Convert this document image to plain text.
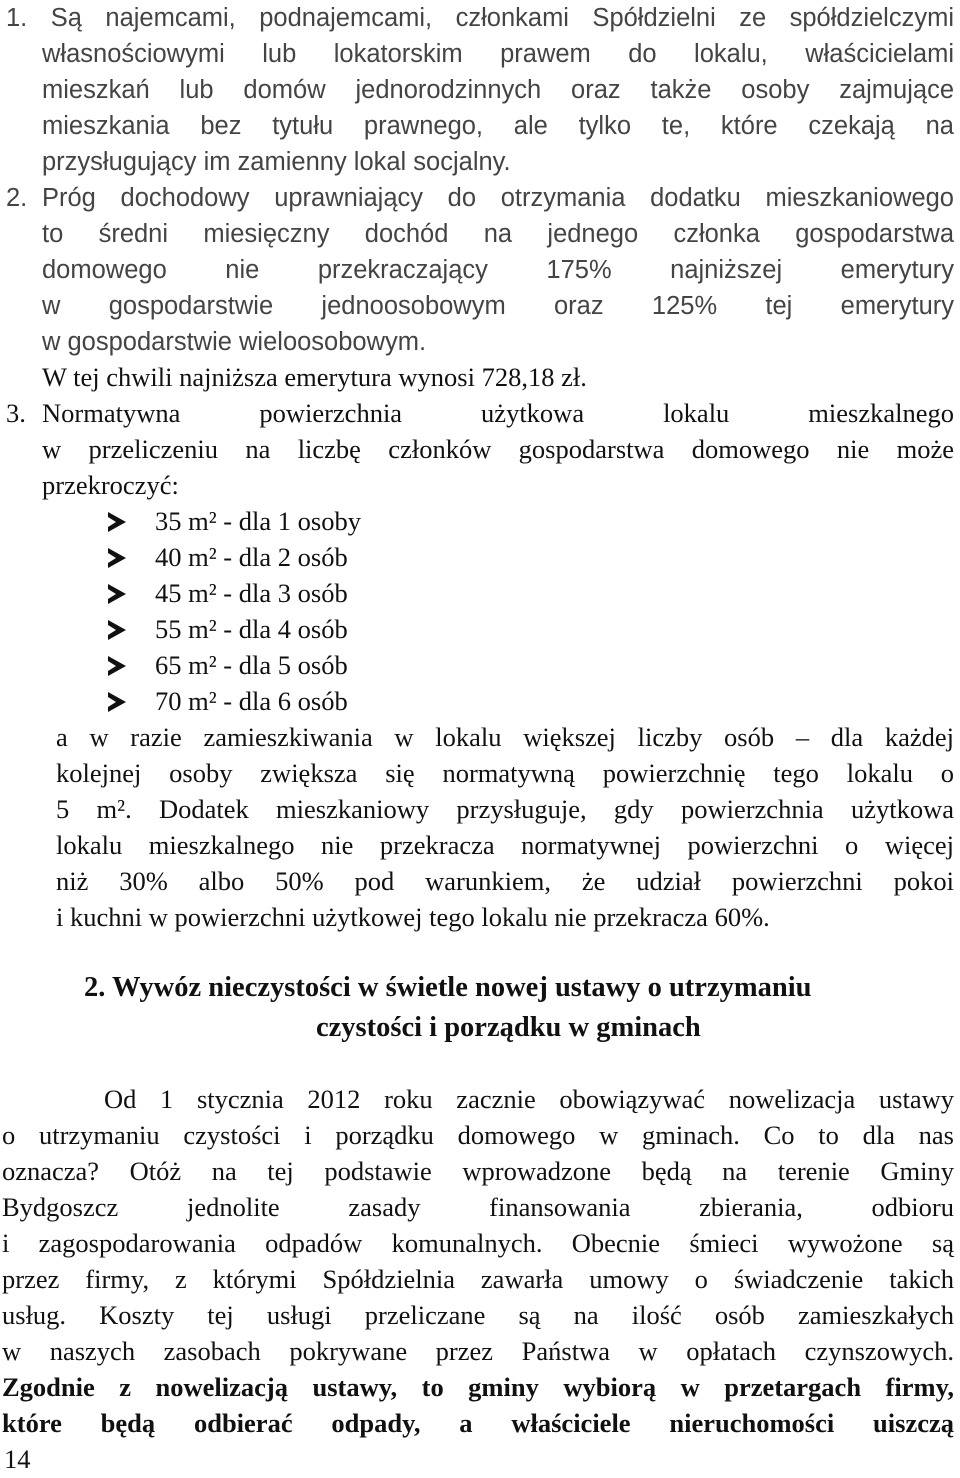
1. Są najemcami, podnajemcami, członkami Spółdzielni ze spółdzielczymi
własnościowymi lub lokatorskim prawem do lokalu, właścicielami
mieszkań lub domów jednorodzinnych oraz także osoby zajmujące
mieszkania bez tytułu prawnego, ale tylko te, które czekają na
przysługujący im zamienny lokal socjalny.
2. Próg dochodowy uprawniający do otrzymania dodatku mieszkaniowego
to średni miesięczny dochód na jednego członka gospodarstwa
domowego nie przekraczający 175% najniższej emerytury
w gospodarstwie jednoosobowym oraz 125% tej emerytury
w gospodarstwie wieloosobowym.
W tej chwili najniższa emerytura wynosi 728,18 zł.
3. Normatywna powierzchnia użytkowa lokalu mieszkalnego
w przeliczeniu na liczbę członków gospodarstwa domowego nie może
przekroczyć:
35 m² - dla 1 osoby
40 m² - dla 2 osób
45 m² - dla 3 osób
55 m² - dla 4 osób
65 m² - dla 5 osób
70 m² - dla 6 osób
a w razie zamieszkiwania w lokalu większej liczby osób – dla każdej
kolejnej osoby zwiększa się normatywną powierzchnię tego lokalu o
5 m². Dodatek mieszkaniowy przysługuje, gdy powierzchnia użytkowa
lokalu mieszkalnego nie przekracza normatywnej powierzchni o więcej
niż 30% albo 50% pod warunkiem, że udział powierzchni pokoi
i kuchni w powierzchni użytkowej tego lokalu nie przekracza 60%.
2. Wywóz nieczystości w świetle nowej ustawy o utrzymaniu
czystości i porządku w gminach
Od 1 stycznia 2012 roku zacznie obowiązywać nowelizacja ustawy
o utrzymaniu czystości i porządku domowego w gminach. Co to dla nas
oznacza? Otóż na tej podstawie wprowadzone będą na terenie Gminy
Bydgoszcz jednolite zasady finansowania zbierania, odbioru
i zagospodarowania odpadów komunalnych. Obecnie śmieci wywożone są
przez firmy, z którymi Spółdzielnia zawarła umowy o świadczenie takich
usług. Koszty tej usługi przeliczane są na ilość osób zamieszkałych
w naszych zasobach pokrywane przez Państwa w opłatach czynszowych.
Zgodnie z nowelizacją ustawy, to gminy wybiorą w przetargach firmy,
które będą odbierać odpady, a właściciele nieruchomości uiszczą
14
